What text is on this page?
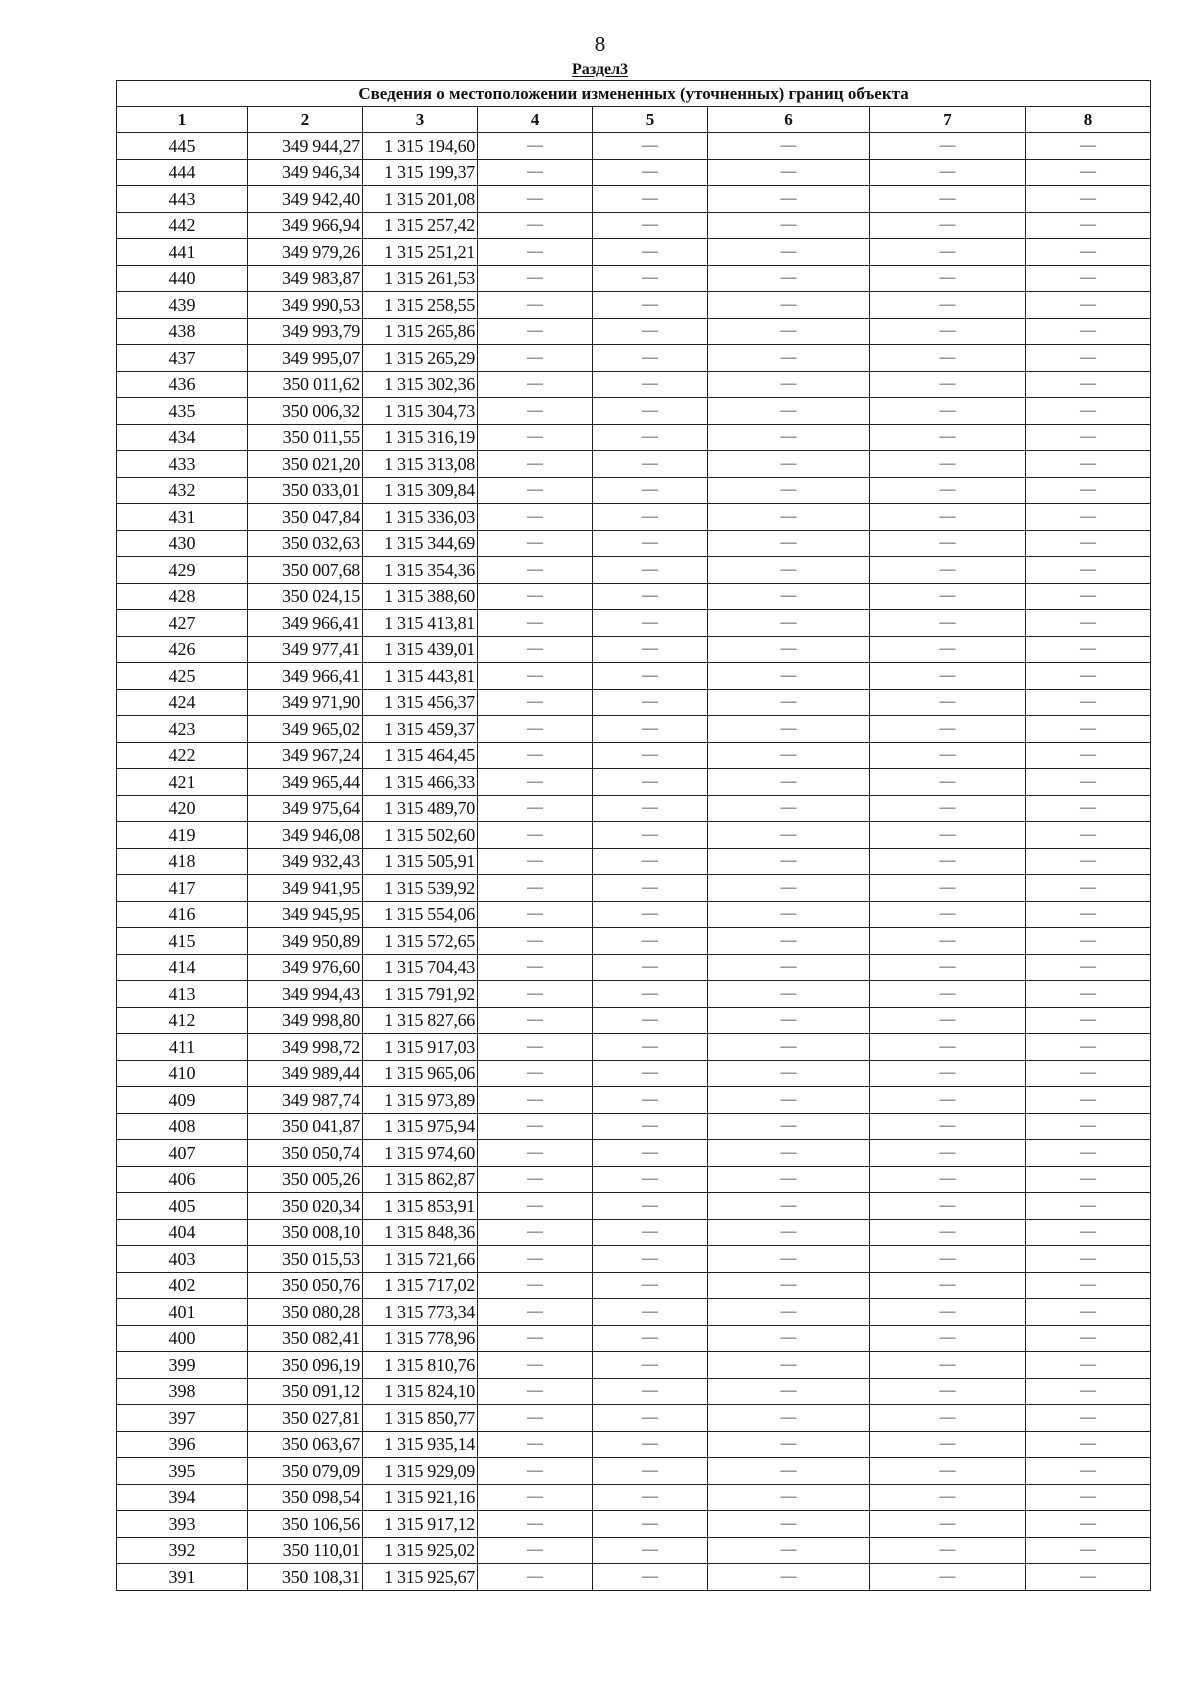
8
Раздел3
Сведения о местоположении измененных (уточненных) границ объекта							
1	2	3	4	5	6	7	8
445	349 944,27	1 315 194,60	—	—	—	—	—
444	349 946,34	1 315 199,37	—	—	—	—	—
443	349 942,40	1 315 201,08	—	—	—	—	—
442	349 966,94	1 315 257,42	—	—	—	—	—
441	349 979,26	1 315 251,21	—	—	—	—	—
440	349 983,87	1 315 261,53	—	—	—	—	—
439	349 990,53	1 315 258,55	—	—	—	—	—
438	349 993,79	1 315 265,86	—	—	—	—	—
437	349 995,07	1 315 265,29	—	—	—	—	—
436	350 011,62	1 315 302,36	—	—	—	—	—
435	350 006,32	1 315 304,73	—	—	—	—	—
434	350 011,55	1 315 316,19	—	—	—	—	—
433	350 021,20	1 315 313,08	—	—	—	—	—
432	350 033,01	1 315 309,84	—	—	—	—	—
431	350 047,84	1 315 336,03	—	—	—	—	—
430	350 032,63	1 315 344,69	—	—	—	—	—
429	350 007,68	1 315 354,36	—	—	—	—	—
428	350 024,15	1 315 388,60	—	—	—	—	—
427	349 966,41	1 315 413,81	—	—	—	—	—
426	349 977,41	1 315 439,01	—	—	—	—	—
425	349 966,41	1 315 443,81	—	—	—	—	—
424	349 971,90	1 315 456,37	—	—	—	—	—
423	349 965,02	1 315 459,37	—	—	—	—	—
422	349 967,24	1 315 464,45	—	—	—	—	—
421	349 965,44	1 315 466,33	—	—	—	—	—
420	349 975,64	1 315 489,70	—	—	—	—	—
419	349 946,08	1 315 502,60	—	—	—	—	—
418	349 932,43	1 315 505,91	—	—	—	—	—
417	349 941,95	1 315 539,92	—	—	—	—	—
416	349 945,95	1 315 554,06	—	—	—	—	—
415	349 950,89	1 315 572,65	—	—	—	—	—
414	349 976,60	1 315 704,43	—	—	—	—	—
413	349 994,43	1 315 791,92	—	—	—	—	—
412	349 998,80	1 315 827,66	—	—	—	—	—
411	349 998,72	1 315 917,03	—	—	—	—	—
410	349 989,44	1 315 965,06	—	—	—	—	—
409	349 987,74	1 315 973,89	—	—	—	—	—
408	350 041,87	1 315 975,94	—	—	—	—	—
407	350 050,74	1 315 974,60	—	—	—	—	—
406	350 005,26	1 315 862,87	—	—	—	—	—
405	350 020,34	1 315 853,91	—	—	—	—	—
404	350 008,10	1 315 848,36	—	—	—	—	—
403	350 015,53	1 315 721,66	—	—	—	—	—
402	350 050,76	1 315 717,02	—	—	—	—	—
401	350 080,28	1 315 773,34	—	—	—	—	—
400	350 082,41	1 315 778,96	—	—	—	—	—
399	350 096,19	1 315 810,76	—	—	—	—	—
398	350 091,12	1 315 824,10	—	—	—	—	—
397	350 027,81	1 315 850,77	—	—	—	—	—
396	350 063,67	1 315 935,14	—	—	—	—	—
395	350 079,09	1 315 929,09	—	—	—	—	—
394	350 098,54	1 315 921,16	—	—	—	—	—
393	350 106,56	1 315 917,12	—	—	—	—	—
392	350 110,01	1 315 925,02	—	—	—	—	—
391	350 108,31	1 315 925,67	—	—	—	—	—
